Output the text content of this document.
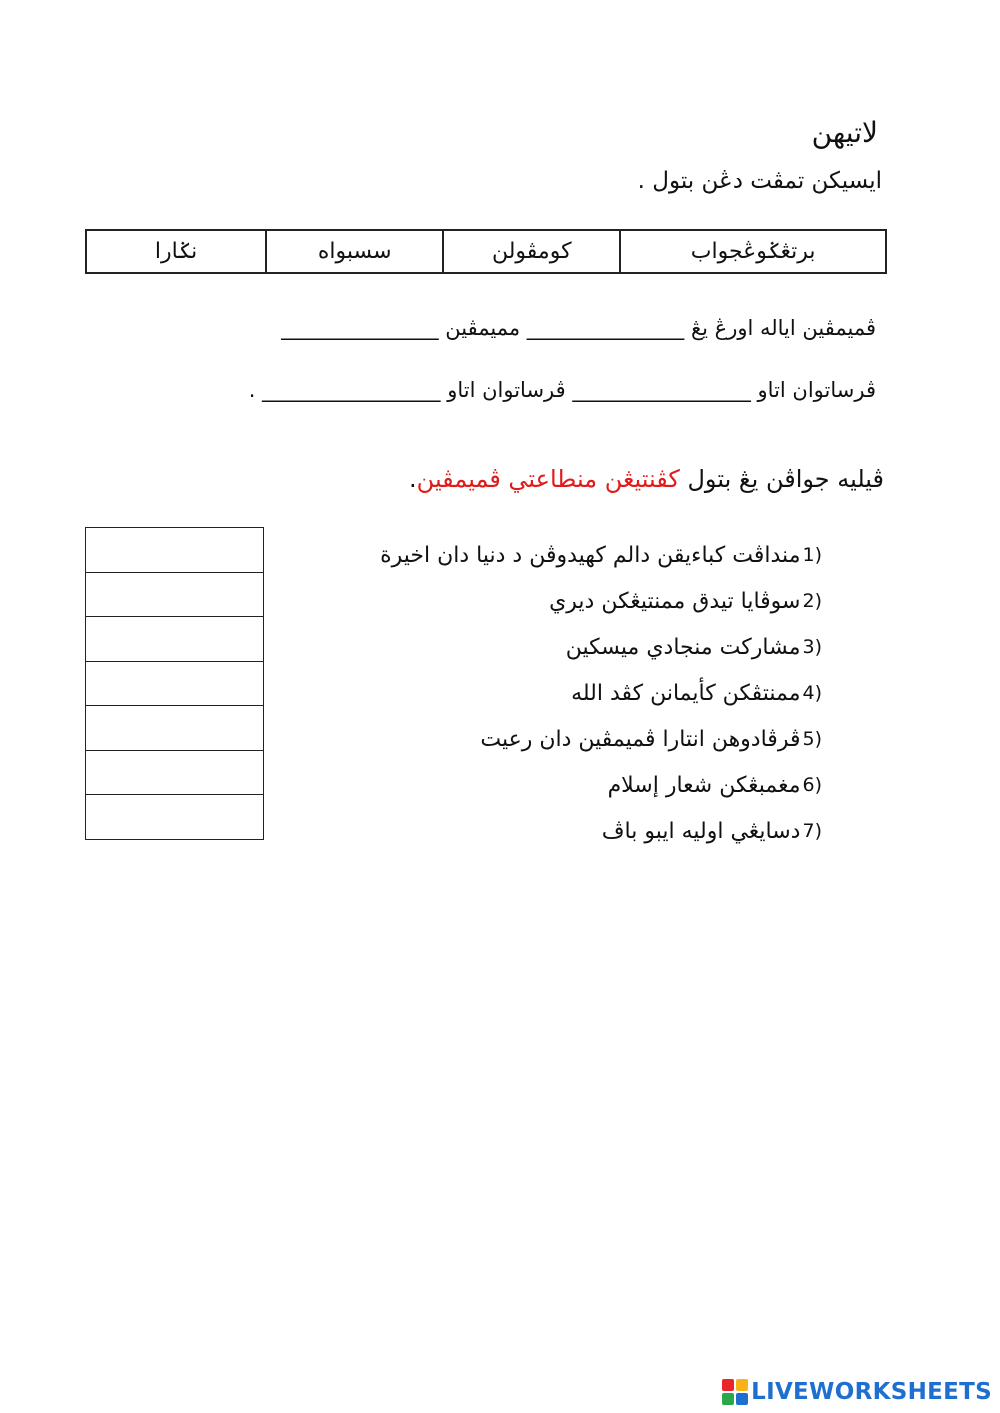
لاتيهن
ايسيکن تمڤت دڠن بتول .
برتڠݢوڠجواب
کومڤولن
سسبواه
نݢارا
ڤميمڤين اياله اورڠ يڠ _______________ مميمڤين _______________
ڤرساتوان اتاو _________________ ڤرساتوان اتاو _________________ .
ڤيليه جواڤن يڠ بتول کڤنتيڠن منطاعتي ڤميمڤين.
1)
منداڤت کباءيقن دالم کهيدوڤن د دنيا دان اخيرة
2)
سوڤايا تيدق ممنتيڠکن ديري
3)
مشارکت منجادي ميسکين
4)
ممنتڤکن کأيمانن کڤد الله
5)
ڤرڤادوهن انتارا ڤميمڤين دان رعيت
6)
مغمبڠکن شعار إسلام
7)
دسايڠي اوليه ايبو باڤ
LIVEWORKSHEETS
